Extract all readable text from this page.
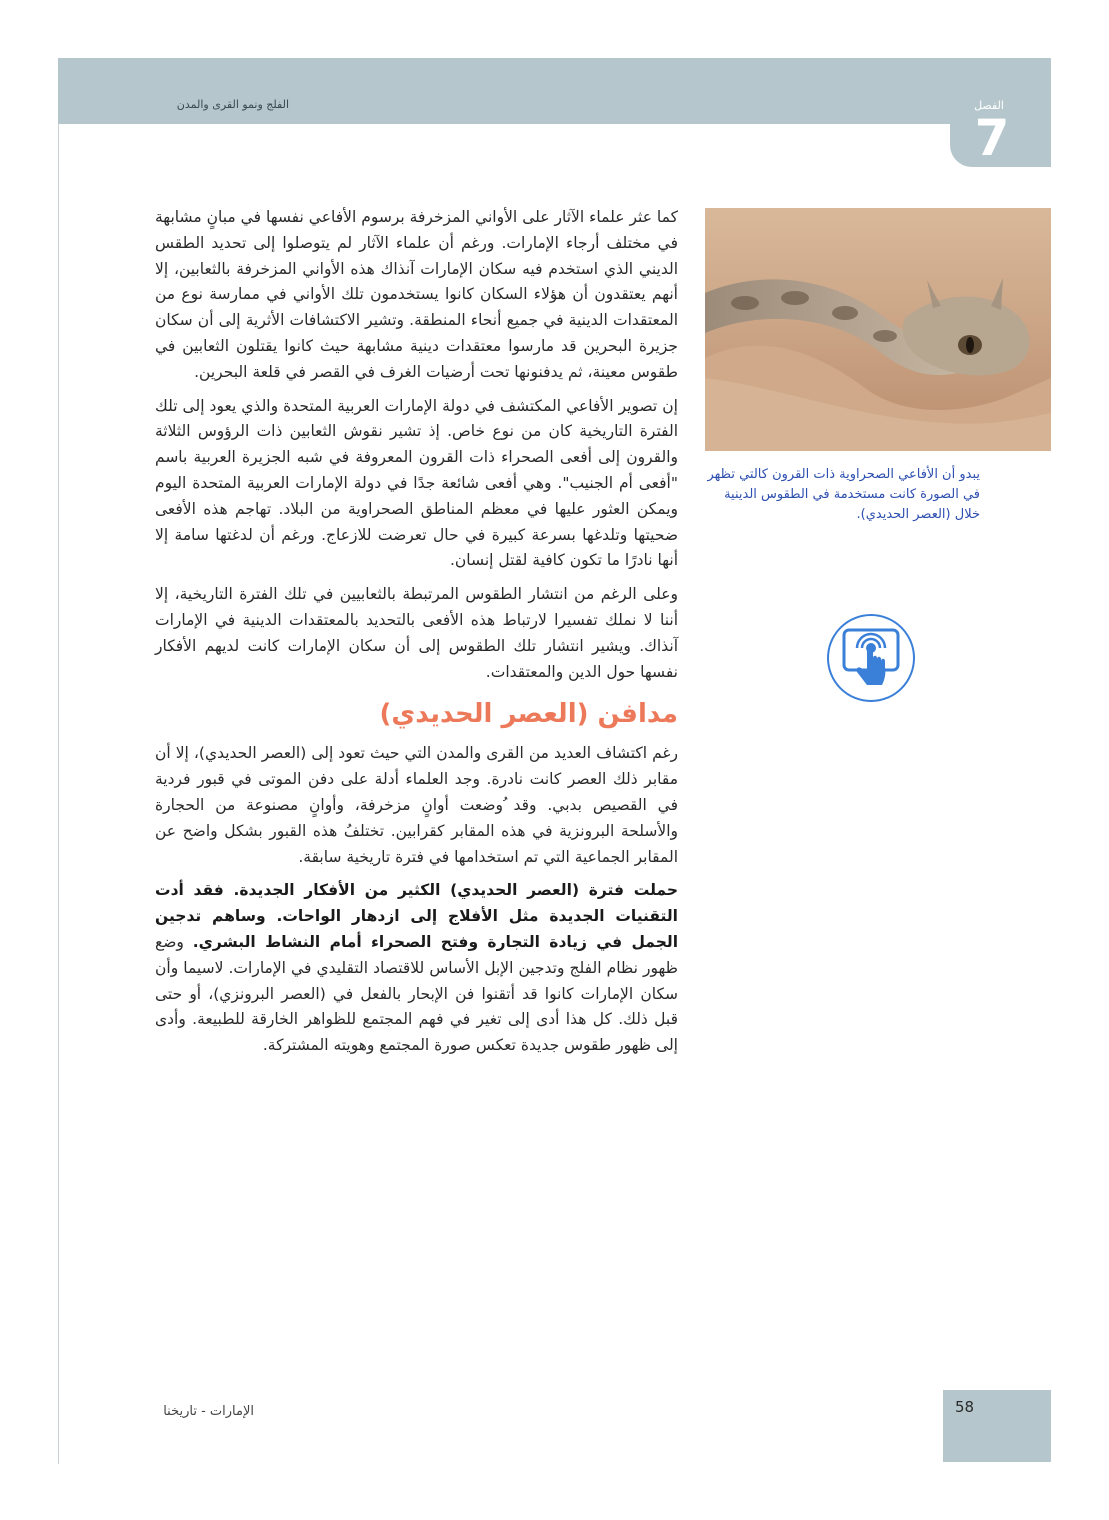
الفلج ونمو القرى والمدن	الفصل
7

كما عثر علماء الآثار على الأواني المزخرفة برسوم الأفاعي نفسها في مبانٍ مشابهة في مختلف أرجاء الإمارات. ورغم أن علماء الآثار لم يتوصلوا إلى تحديد الطقس الديني الذي استخدم فيه سكان الإمارات آنذاك هذه الأواني المزخرفة بالثعابين، إلا أنهم يعتقدون أن هؤلاء السكان كانوا يستخدمون تلك الأواني في ممارسة نوع من المعتقدات الدينية في جميع أنحاء المنطقة. وتشير الاكتشافات الأثرية إلى أن سكان جزيرة البحرين قد مارسوا معتقدات دينية مشابهة حيث كانوا يقتلون الثعابين في طقوس معينة، ثم يدفنونها تحت أرضيات الغرف في القصر في قلعة البحرين.

إن تصوير الأفاعي المكتشف في دولة الإمارات العربية المتحدة والذي يعود إلى تلك الفترة التاريخية كان من نوع خاص. إذ تشير نقوش الثعابين ذات الرؤوس الثلاثة والقرون إلى أفعى الصحراء ذات القرون المعروفة في شبه الجزيرة العربية باسم "أفعى أم الجنيب". وهي أفعى شائعة جدًا في دولة الإمارات العربية المتحدة اليوم ويمكن العثور عليها في معظم المناطق الصحراوية من البلاد. تهاجم هذه الأفعى ضحيتها وتلدغها بسرعة كبيرة في حال تعرضت للازعاج. ورغم أن لدغتها سامة إلا أنها نادرًا ما تكون كافية لقتل إنسان.

وعلى الرغم من انتشار الطقوس المرتبطة بالثعابيين في تلك الفترة التاريخية، إلا أننا لا نملك تفسيرا لارتباط هذه الأفعى بالتحديد بالمعتقدات الدينية في الإمارات آنذاك. ويشير انتشار تلك الطقوس إلى أن سكان الإمارات كانت لديهم الأفكار نفسها حول الدين والمعتقدات.

مدافن (العصر الحديدي)

رغم اكتشاف العديد من القرى والمدن التي حيث تعود إلى (العصر الحديدي)، إلا أن مقابر ذلك العصر كانت نادرة. وجد العلماء أدلة على دفن الموتى في قبور فردية في القصيص بدبي. وقد ُوضعت أوانٍ مزخرفة، وأوانٍ مصنوعة من الحجارة والأسلحة البرونزية في هذه المقابر كقرابين. تختلفُ هذه القبور بشكل واضح عن المقابر الجماعية التي تم استخدامها في فترة تاريخية سابقة.

حملت فترة (العصر الحديدي) الكثير من الأفكار الجديدة. فقد أدت التقنيات الجديدة مثل الأفلاج إلى ازدهار الواحات. وساهم تدجين الجمل في زيادة التجارة وفتح الصحراء أمام النشاط البشري. وضع ظهور نظام الفلج وتدجين الإبل الأساس للاقتصاد التقليدي في الإمارات. لاسيما وأن سكان الإمارات كانوا قد أتقنوا فن الإبحار بالفعل في (العصر البرونزي)، أو حتى قبل ذلك. كل هذا أدى إلى تغير في فهم المجتمع للظواهر الخارقة للطبيعة. وأدى إلى ظهور طقوس جديدة تعكس صورة المجتمع وهويته المشتركة.

يبدو أن الأفاعي الصحراوية ذات القرون كالتي تظهر في الصورة كانت مستخدمة في الطقوس الدينية خلال (العصر الحديدي).
58
الإمارات - تاريخنا
